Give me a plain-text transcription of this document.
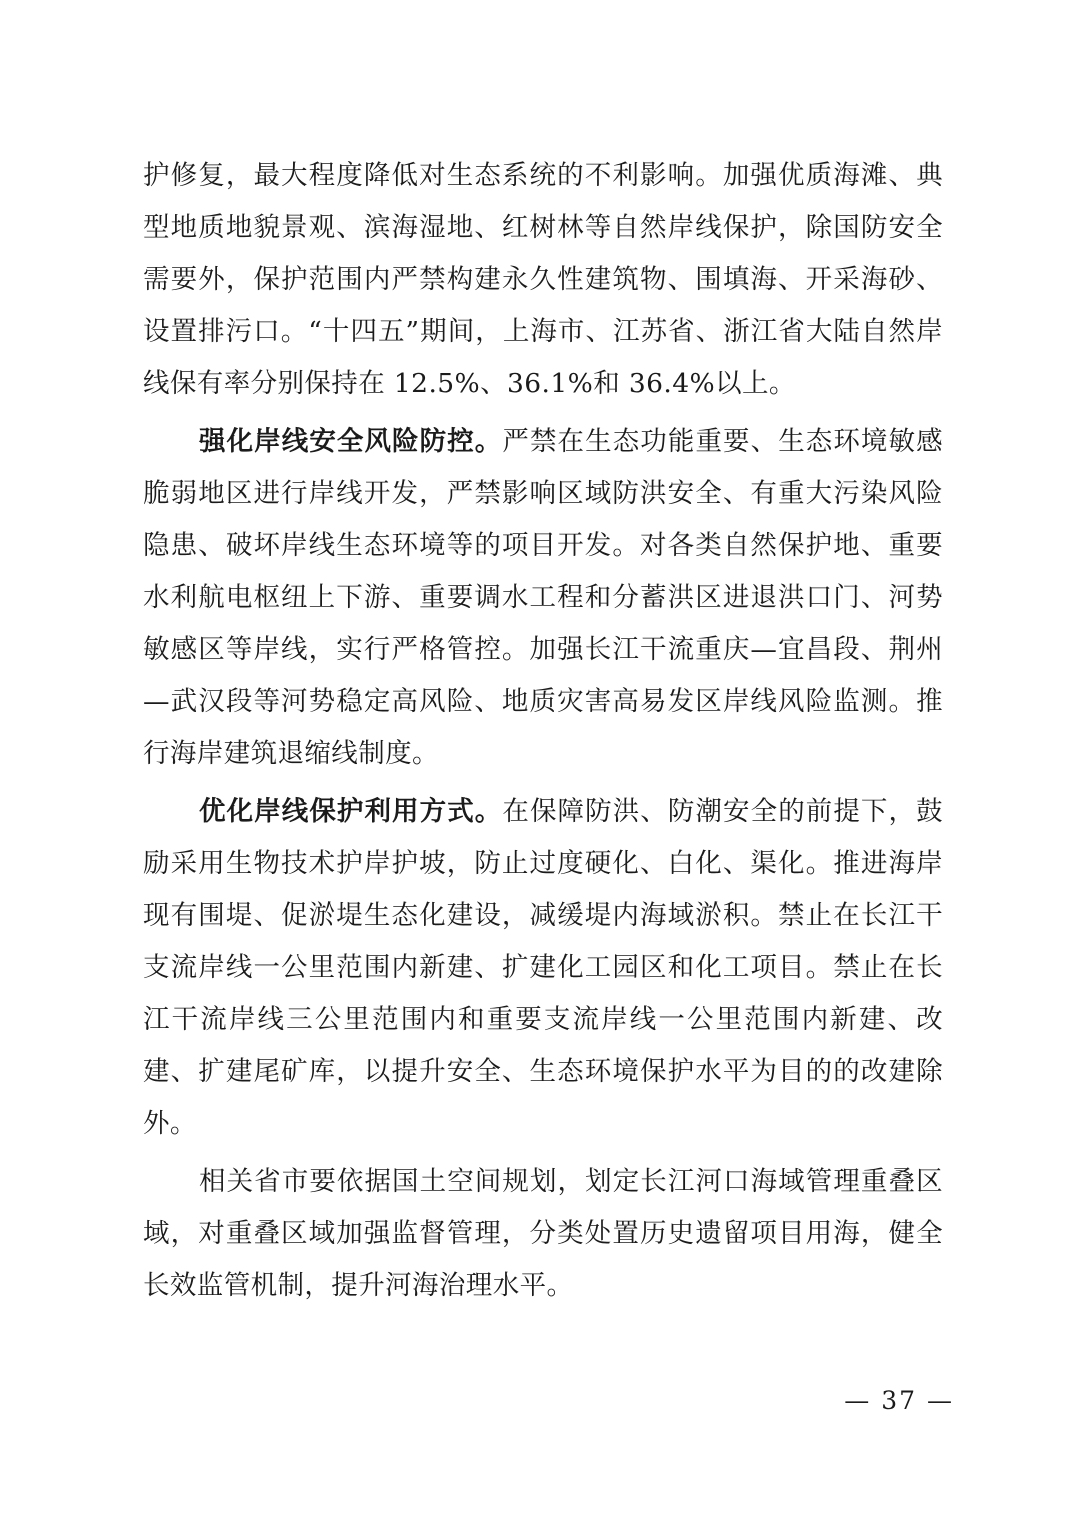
护修复，最大程度降低对生态系统的不利影响。加强优质海滩、典型地质地貌景观、滨海湿地、红树林等自然岸线保护，除国防安全需要外，保护范围内严禁构建永久性建筑物、围填海、开采海砂、设置排污口。“十四五”期间，上海市、江苏省、浙江省大陆自然岸线保有率分别保持在 12.5%、36.1%和 36.4%以上。

强化岸线安全风险防控。严禁在生态功能重要、生态环境敏感脆弱地区进行岸线开发，严禁影响区域防洪安全、有重大污染风险隐患、破坏岸线生态环境等的项目开发。对各类自然保护地、重要水利航电枢纽上下游、重要调水工程和分蓄洪区进退洪口门、河势敏感区等岸线，实行严格管控。加强长江干流重庆—宜昌段、荆州—武汉段等河势稳定高风险、地质灾害高易发区岸线风险监测。推行海岸建筑退缩线制度。

优化岸线保护利用方式。在保障防洪、防潮安全的前提下，鼓励采用生物技术护岸护坡，防止过度硬化、白化、渠化。推进海岸现有围堤、促淤堤生态化建设，减缓堤内海域淤积。禁止在长江干支流岸线一公里范围内新建、扩建化工园区和化工项目。禁止在长江干流岸线三公里范围内和重要支流岸线一公里范围内新建、改建、扩建尾矿库，以提升安全、生态环境保护水平为目的的改建除外。

相关省市要依据国土空间规划，划定长江河口海域管理重叠区域，对重叠区域加强监督管理，分类处置历史遗留项目用海，健全长效监管机制，提升河海治理水平。

— 37 —
